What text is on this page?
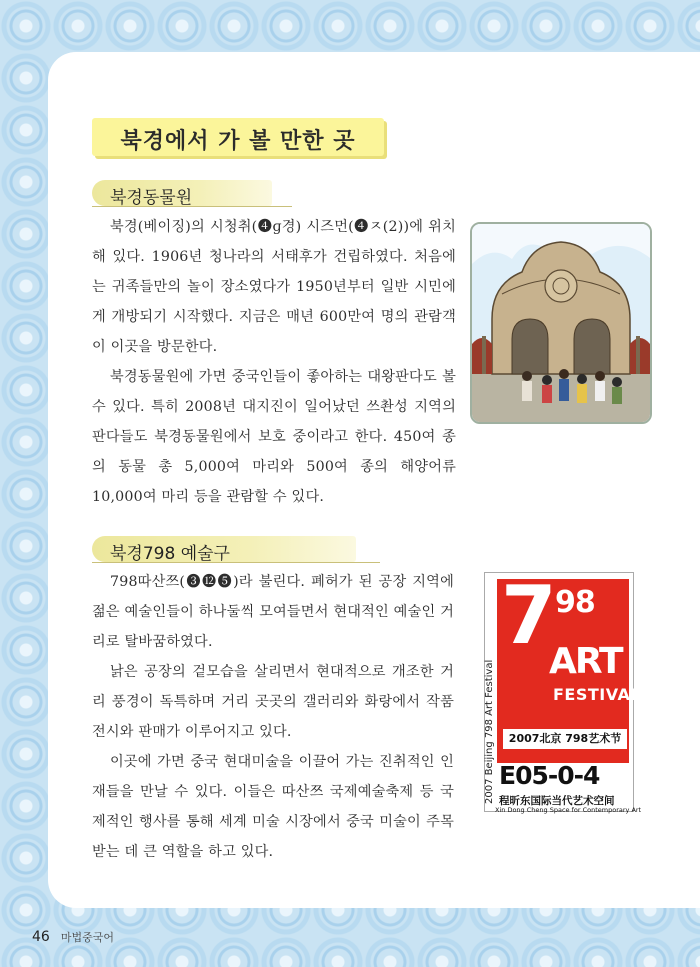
북경에서 가 볼 만한 곳
북경동물원

북경(베이징)의 시청취(❹ɡ경) 시즈먼(❹ㅈ(2))에 위치해 있다. 1906년 청나라의 서태후가 건립하였다. 처음에는 귀족들만의 놀이 장소였다가 1950년부터 일반 시민에게 개방되기 시작했다. 지금은 매년 600만여 명의 관람객이 이곳을 방문한다.

북경동물원에 가면 중국인들이 좋아하는 대왕판다도 볼 수 있다. 특히 2008년 대지진이 일어났던 쓰촨성 지역의 판다들도 북경동물원에서 보호 중이라고 한다. 450여 종의 동물 총 5,000여 마리와 500여 종의 해양어류 10,000여 마리 등을 관람할 수 있다.

북경798 예술구

798따산쯔(❸⓬❺)라 불린다. 폐허가 된 공장 지역에 젊은 예술인들이 하나둘씩 모여들면서 현대적인 예술인 거리로 탈바꿈하였다.

낡은 공장의 겉모습을 살리면서 현대적으로 개조한 거리 풍경이 독특하며 거리 곳곳의 갤러리와 화랑에서 작품 전시와 판매가 이루어지고 있다.

이곳에 가면 중국 현대미술을 이끌어 가는 진취적인 인재들을 만날 수 있다. 이들은 따산쯔 국제예술축제 등 국제적인 행사를 통해 세계 미술 시장에서 중국 미술이 주목받는 데 큰 역할을 하고 있다.

2007 Beijing 798 Art Festival
7
98
ART
FESTIVAL
2007北京 798艺术节
E05-0-4
程昕东国际当代艺术空间
Xin Dong Cheng Space for Contemporary Art
46 마법중국어
